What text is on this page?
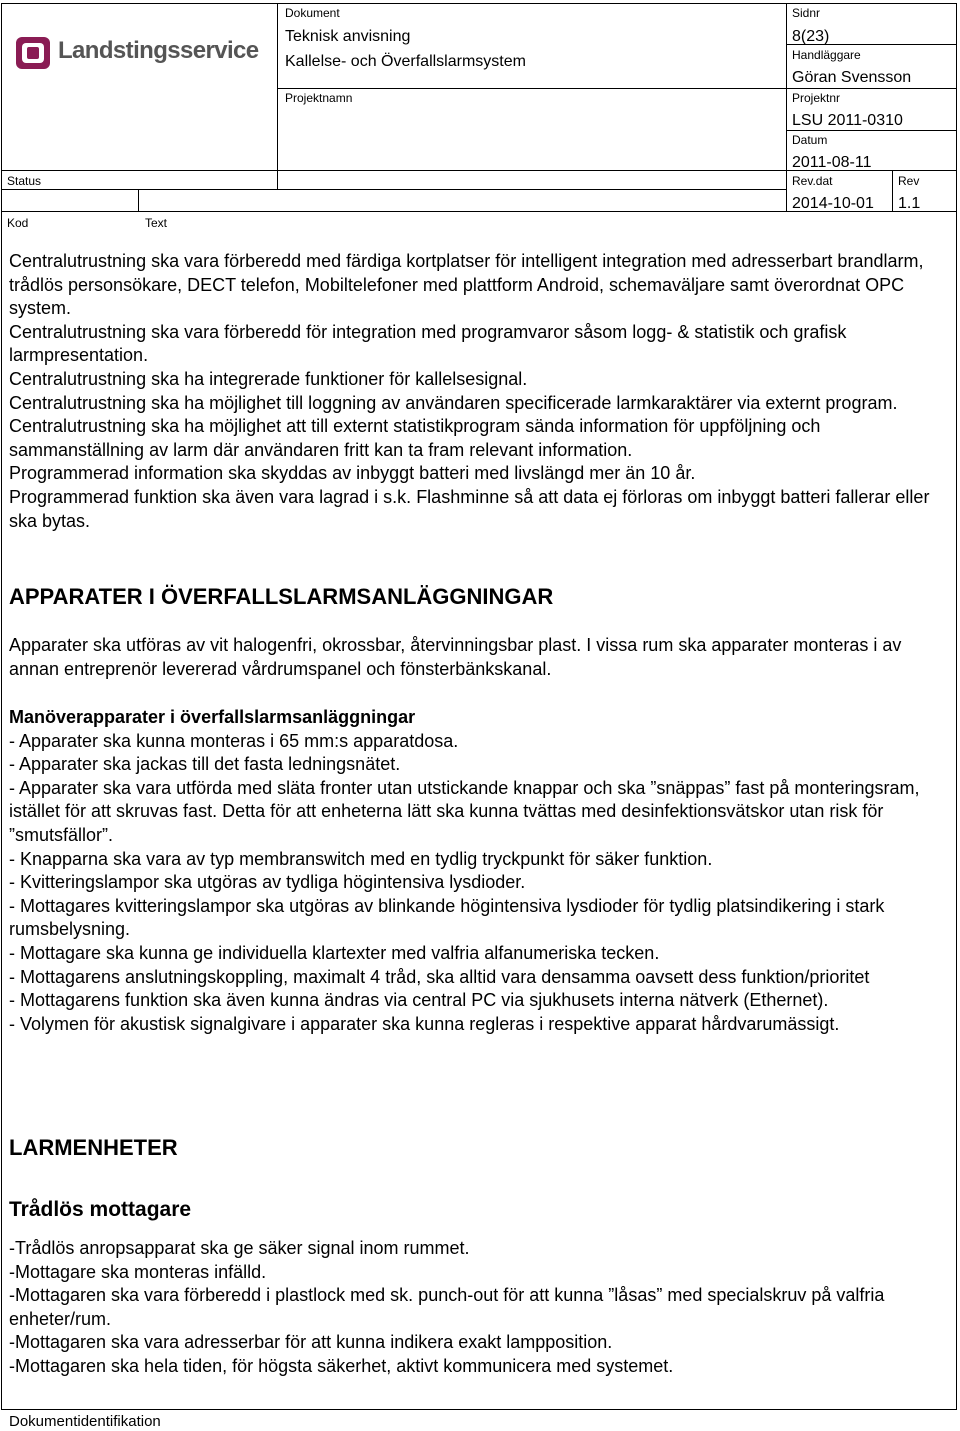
Landstingsservice
Dokument
Teknisk anvisning
Kallelse- och Överfallslarmsystem
Projektnamn
Status
Kod	Text
Sidnr
8(23)
Handläggare
Göran Svensson
Projektnr
LSU 2011-0310
Datum
2011-08-11
Rev.dat
2014-10-01
Rev
1.1

Centralutrustning ska vara förberedd med färdiga kortplatser för intelligent integration med adresserbart brandlarm, trådlös personsökare, DECT telefon, Mobiltelefoner med plattform Android, schemaväljare samt överordnat OPC system.

Centralutrustning ska vara förberedd för integration med programvaror såsom logg- & statistik och grafisk larmpresentation.

Centralutrustning ska ha integrerade funktioner för kallelsesignal.

Centralutrustning ska ha möjlighet till loggning av användaren specificerade larmkaraktärer via externt program.

Centralutrustning ska ha möjlighet att till externt statistikprogram sända information för uppföljning och sammanställning av larm där användaren fritt kan ta fram relevant information.

Programmerad information ska skyddas av inbyggt batteri med livslängd mer än 10 år.

Programmerad funktion ska även vara lagrad i s.k. Flashminne så att data ej förloras om inbyggt batteri fallerar eller ska bytas.

APPARATER I ÖVERFALLSLARMSANLÄGGNINGAR

Apparater ska utföras av vit halogenfri, okrossbar, återvinningsbar plast. I vissa rum ska apparater monteras i av annan entreprenör levererad vårdrumspanel och fönsterbänkskanal.

Manöverapparater i överfallslarmsanläggningar

- Apparater ska kunna monteras i 65 mm:s apparatdosa.

- Apparater ska jackas till det fasta ledningsnätet.

- Apparater ska vara utförda med släta fronter utan utstickande knappar och ska ”snäppas” fast på monteringsram, istället för att skruvas fast. Detta för att enheterna lätt ska kunna tvättas med desinfektionsvätskor utan risk för ”smutsfällor”.

- Knapparna ska vara av typ membranswitch med en tydlig tryckpunkt för säker funktion.

- Kvitteringslampor ska utgöras av tydliga högintensiva lysdioder.

- Mottagares kvitteringslampor ska utgöras av blinkande högintensiva lysdioder för tydlig platsindikering i stark rumsbelysning.

- Mottagare ska kunna ge individuella klartexter med valfria alfanumeriska tecken.

- Mottagarens anslutningskoppling, maximalt 4 tråd, ska alltid vara densamma oavsett dess funktion/prioritet

- Mottagarens funktion ska även kunna ändras via central PC via sjukhusets interna nätverk (Ethernet).

- Volymen för akustisk signalgivare i apparater ska kunna regleras i respektive apparat hårdvarumässigt.

LARMENHETER
Trådlös mottagare

-Trådlös anropsapparat ska ge säker signal inom rummet.

-Mottagare ska monteras infälld.

-Mottagaren ska vara förberedd i plastlock med sk. punch-out för att kunna ”låsas” med specialskruv på valfria enheter/rum.

-Mottagaren ska vara adresserbar för att kunna indikera exakt lampposition.

-Mottagaren ska hela tiden, för högsta säkerhet, aktivt kommunicera med systemet.

Dokumentidentifikation
